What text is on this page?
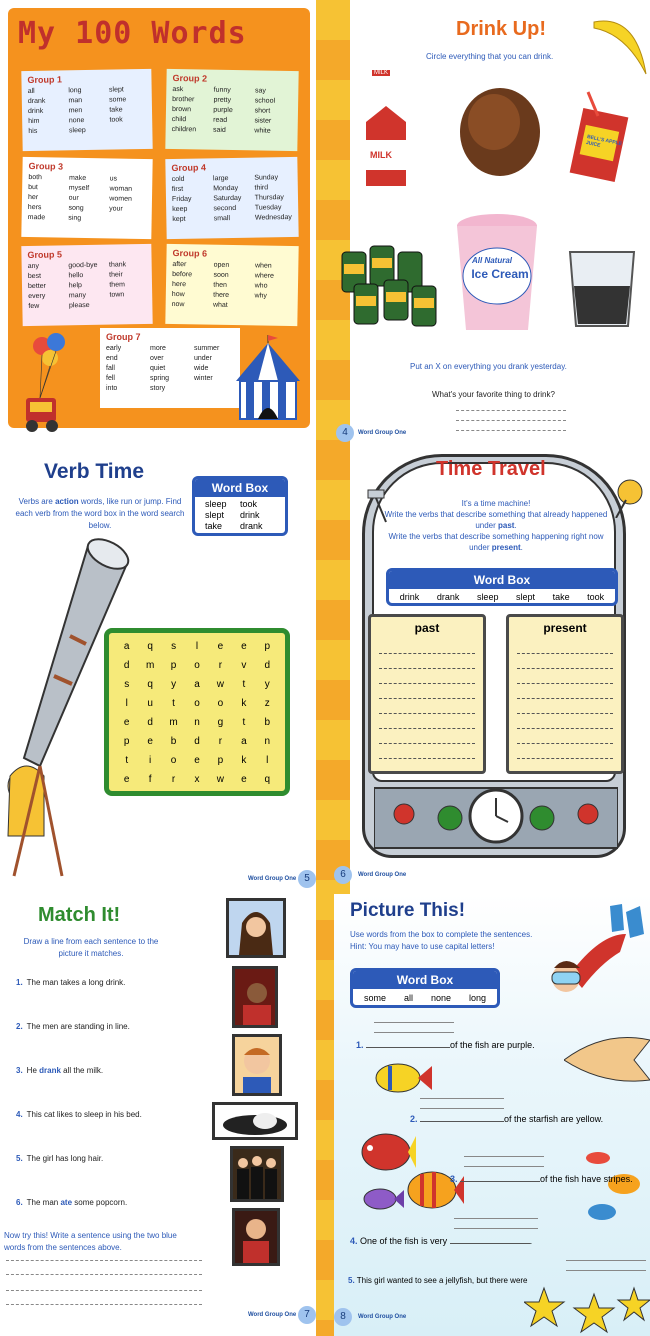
My 100 Words
Group 1
all	long	slept
drank	man	some
drink	men	take
him	none	took
his	sleep
Group 2
ask	funny	say
brother	pretty	school
brown	purple	short
child	read	sister
children	said	white
Group 3
both	make	us
but	myself	woman
her	our	women
hers	song	your
made	sing
Group 4
cold	large	Sunday
first	Monday	third
Friday	Saturday	Thursday
keep	second	Tuesday
kept	small	Wednesday
Group 5
any	good-bye	thank
best	hello	their
better	help	them
every	many	town
few	please
Group 6
after	open	when
before	soon	where
here	then	who
how	there	why
now	what
Group 7
early	more	summer
end	over	under
fall	quiet	wide
fell	spring	winter
into	story
Drink Up!
Circle everything that you can drink.
MILK
MILK
BELL'S APPLE JUICE
All Natural
Ice Cream
Put an X on everything you drank yesterday.
What's your favorite thing to drink?
4	Word Group One
Verb Time
Verbs are action words, like run or jump. Find each verb from the word box in the word search below.
Word Box
sleep	took
slept	drink
take	drank
a	q	s	l	e	e	p
d	m	p	o	r	v	d
s	q	y	a	w	t	y
l	u	t	o	o	k	z
e	d	m	n	g	t	b
p	e	b	d	r	a	n
t	i	o	e	p	k	l
e	f	r	x	w	e	q
Word Group One 5
Time Travel
It's a time machine!
Write the verbs that describe something that already happened under past.
Write the verbs that describe something happening right now under present.
Word Box
drink drank sleep slept take took
past	present
6	Word Group One
Match It!
Draw a line from each sentence to the picture it matches.
1. The man takes a long drink.
2. The men are standing in line.
3. He drank all the milk.
4. This cat likes to sleep in his bed.
5. The girl has long hair.
6. The man ate some popcorn.
Now try this! Write a sentence using the two blue words from the sentences above.
Word Group One 7
Picture This!
Use words from the box to complete the sentences.
Hint: You may have to use capital letters!
Word Box
some all none long
1.	of the fish are purple.
2.	of the starfish are yellow.
3.	of the fish have stripes.
4. One of the fish is very	.
5. This girl wanted to see a jellyfish, but there were
8	Word Group One
